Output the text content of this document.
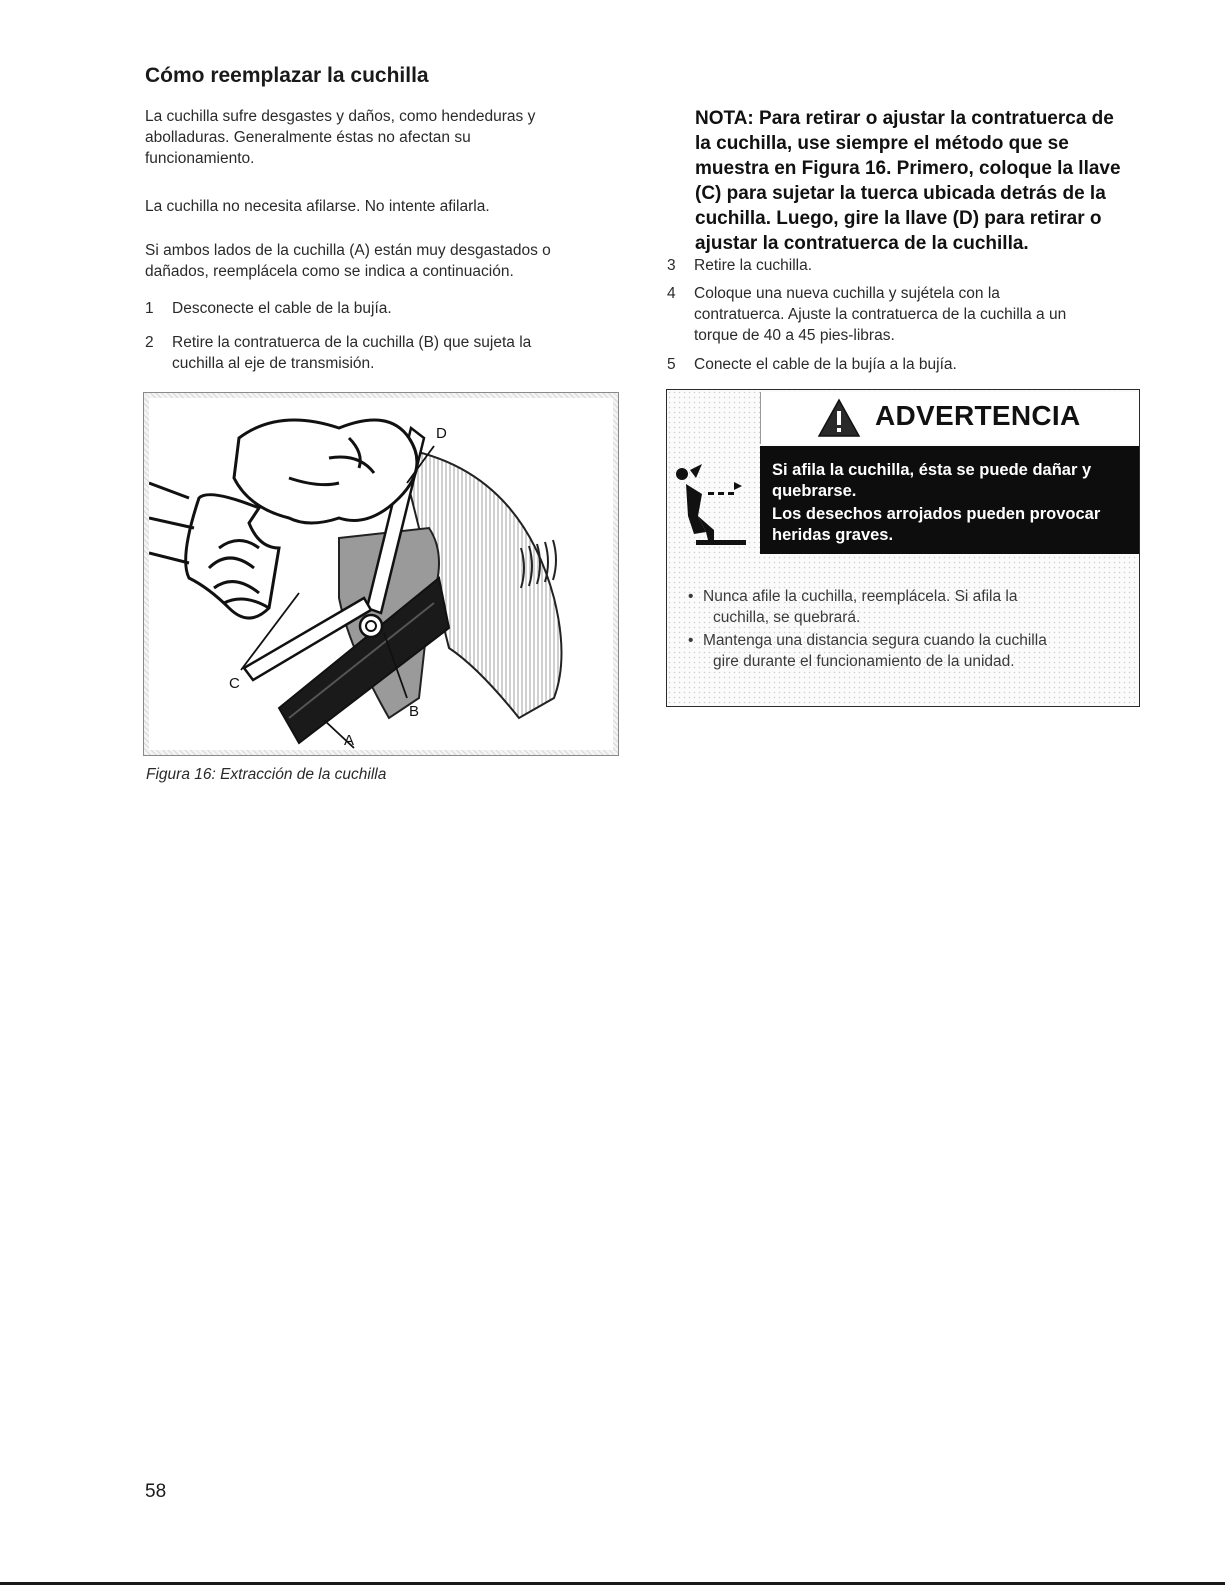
Cómo reemplazar la cuchilla
La cuchilla sufre desgastes y daños, como hendeduras y
abolladuras. Generalmente éstas no afectan su
funcionamiento.
La cuchilla no necesita afilarse. No intente afilarla.
Si ambos lados de la cuchilla (A) están muy desgastados o
dañados, reemplácela como se indica a continuación.
1	Desconecte el cable de la bujía.
2	Retire la contratuerca de la cuchilla (B) que sujeta la
cuchilla al eje de transmisión.
D
C
B
A
Figura 16: Extracción de la cuchilla
NOTA: Para retirar o ajustar la contratuerca de
la cuchilla, use siempre el método que se
muestra en Figura 16. Primero, coloque la llave
(C) para sujetar la tuerca ubicada detrás de la
cuchilla. Luego, gire la llave (D) para retirar o
ajustar la contratuerca de la cuchilla.
3	Retire la cuchilla.
4	Coloque una nueva cuchilla y sujétela con la
contratuerca. Ajuste la contratuerca de la cuchilla a un
torque de 40 a 45 pies-libras.
5	Conecte el cable de la bujía a la bujía.
ADVERTENCIA

Si afila la cuchilla, ésta se puede dañar y

quebrarse.

Los desechos arrojados pueden provocar

heridas graves.

• Nunca afile la cuchilla, reemplácela. Si afila la
cuchilla, se quebrará.
• Mantenga una distancia segura cuando la cuchilla
gire durante el funcionamiento de la unidad.
58
